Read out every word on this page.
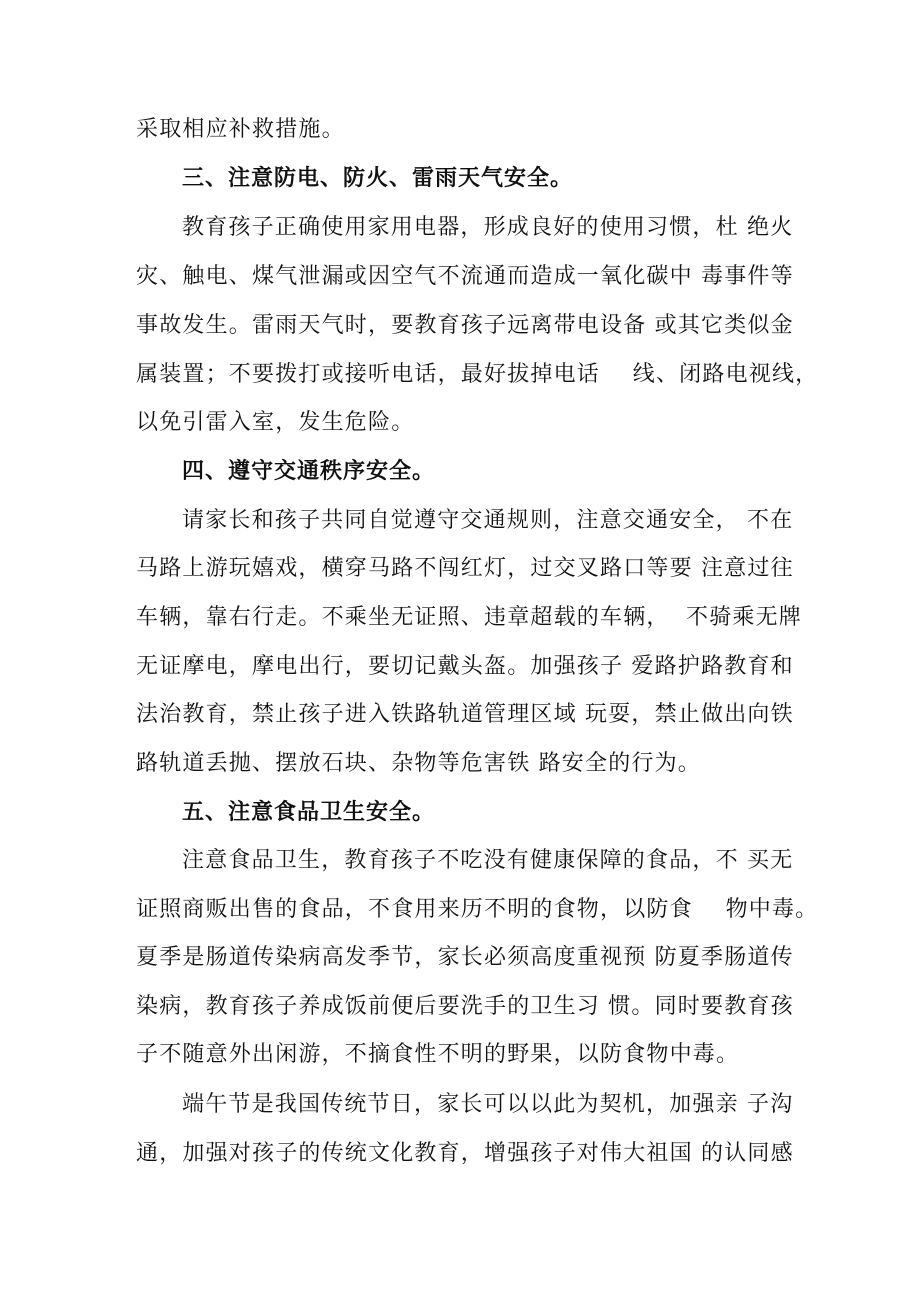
采取相应补救措施。
三、注意防电、防火、雷雨天气安全。
教育孩子正确使用家用电器，形成良好的使用习惯，杜 绝火
灾、触电、煤气泄漏或因空气不流通而造成一氧化碳中 毒事件等
事故发生。雷雨天气时，要教育孩子远离带电设备 或其它类似金
属装置；不要拨打或接听电话，最好拔掉电话    线、闭路电视线，
以免引雷入室，发生危险。
四、遵守交通秩序安全。
请家长和孩子共同自觉遵守交通规则，注意交通安全， 不在
马路上游玩嬉戏，横穿马路不闯红灯，过交叉路口等要 注意过往
车辆，靠右行走。不乘坐无证照、违章超载的车辆，  不骑乘无牌
无证摩电，摩电出行，要切记戴头盔。加强孩子 爱路护路教育和
法治教育，禁止孩子进入铁路轨道管理区域 玩耍，禁止做出向铁
路轨道丢抛、摆放石块、杂物等危害铁 路安全的行为。
五、注意食品卫生安全。
注意食品卫生，教育孩子不吃没有健康保障的食品，不 买无
证照商贩出售的食品，不食用来历不明的食物，以防食    物中毒。
夏季是肠道传染病高发季节，家长必须高度重视预 防夏季肠道传
染病，教育孩子养成饭前便后要洗手的卫生习 惯。同时要教育孩
子不随意外出闲游，不摘食性不明的野果，以防食物中毒。
端午节是我国传统节日，家长可以以此为契机，加强亲 子沟
通，加强对孩子的传统文化教育，增强孩子对伟大祖国 的认同感
